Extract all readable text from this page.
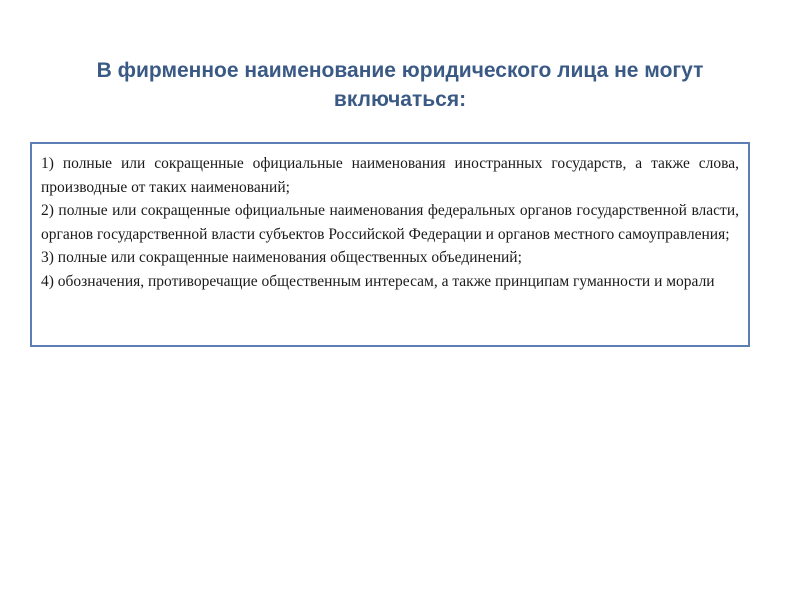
В фирменное наименование юридического лица не могут включаться:

1) полные или сокращенные официальные наименования иностранных государств, а также слова, производные от таких наименований;

2) полные или сокращенные официальные наименования федеральных органов государственной власти, органов государственной власти субъектов Российской Федерации и органов местного самоуправления;

3) полные или сокращенные наименования общественных объединений;

4) обозначения, противоречащие общественным интересам, а также принципам гуманности и морали
